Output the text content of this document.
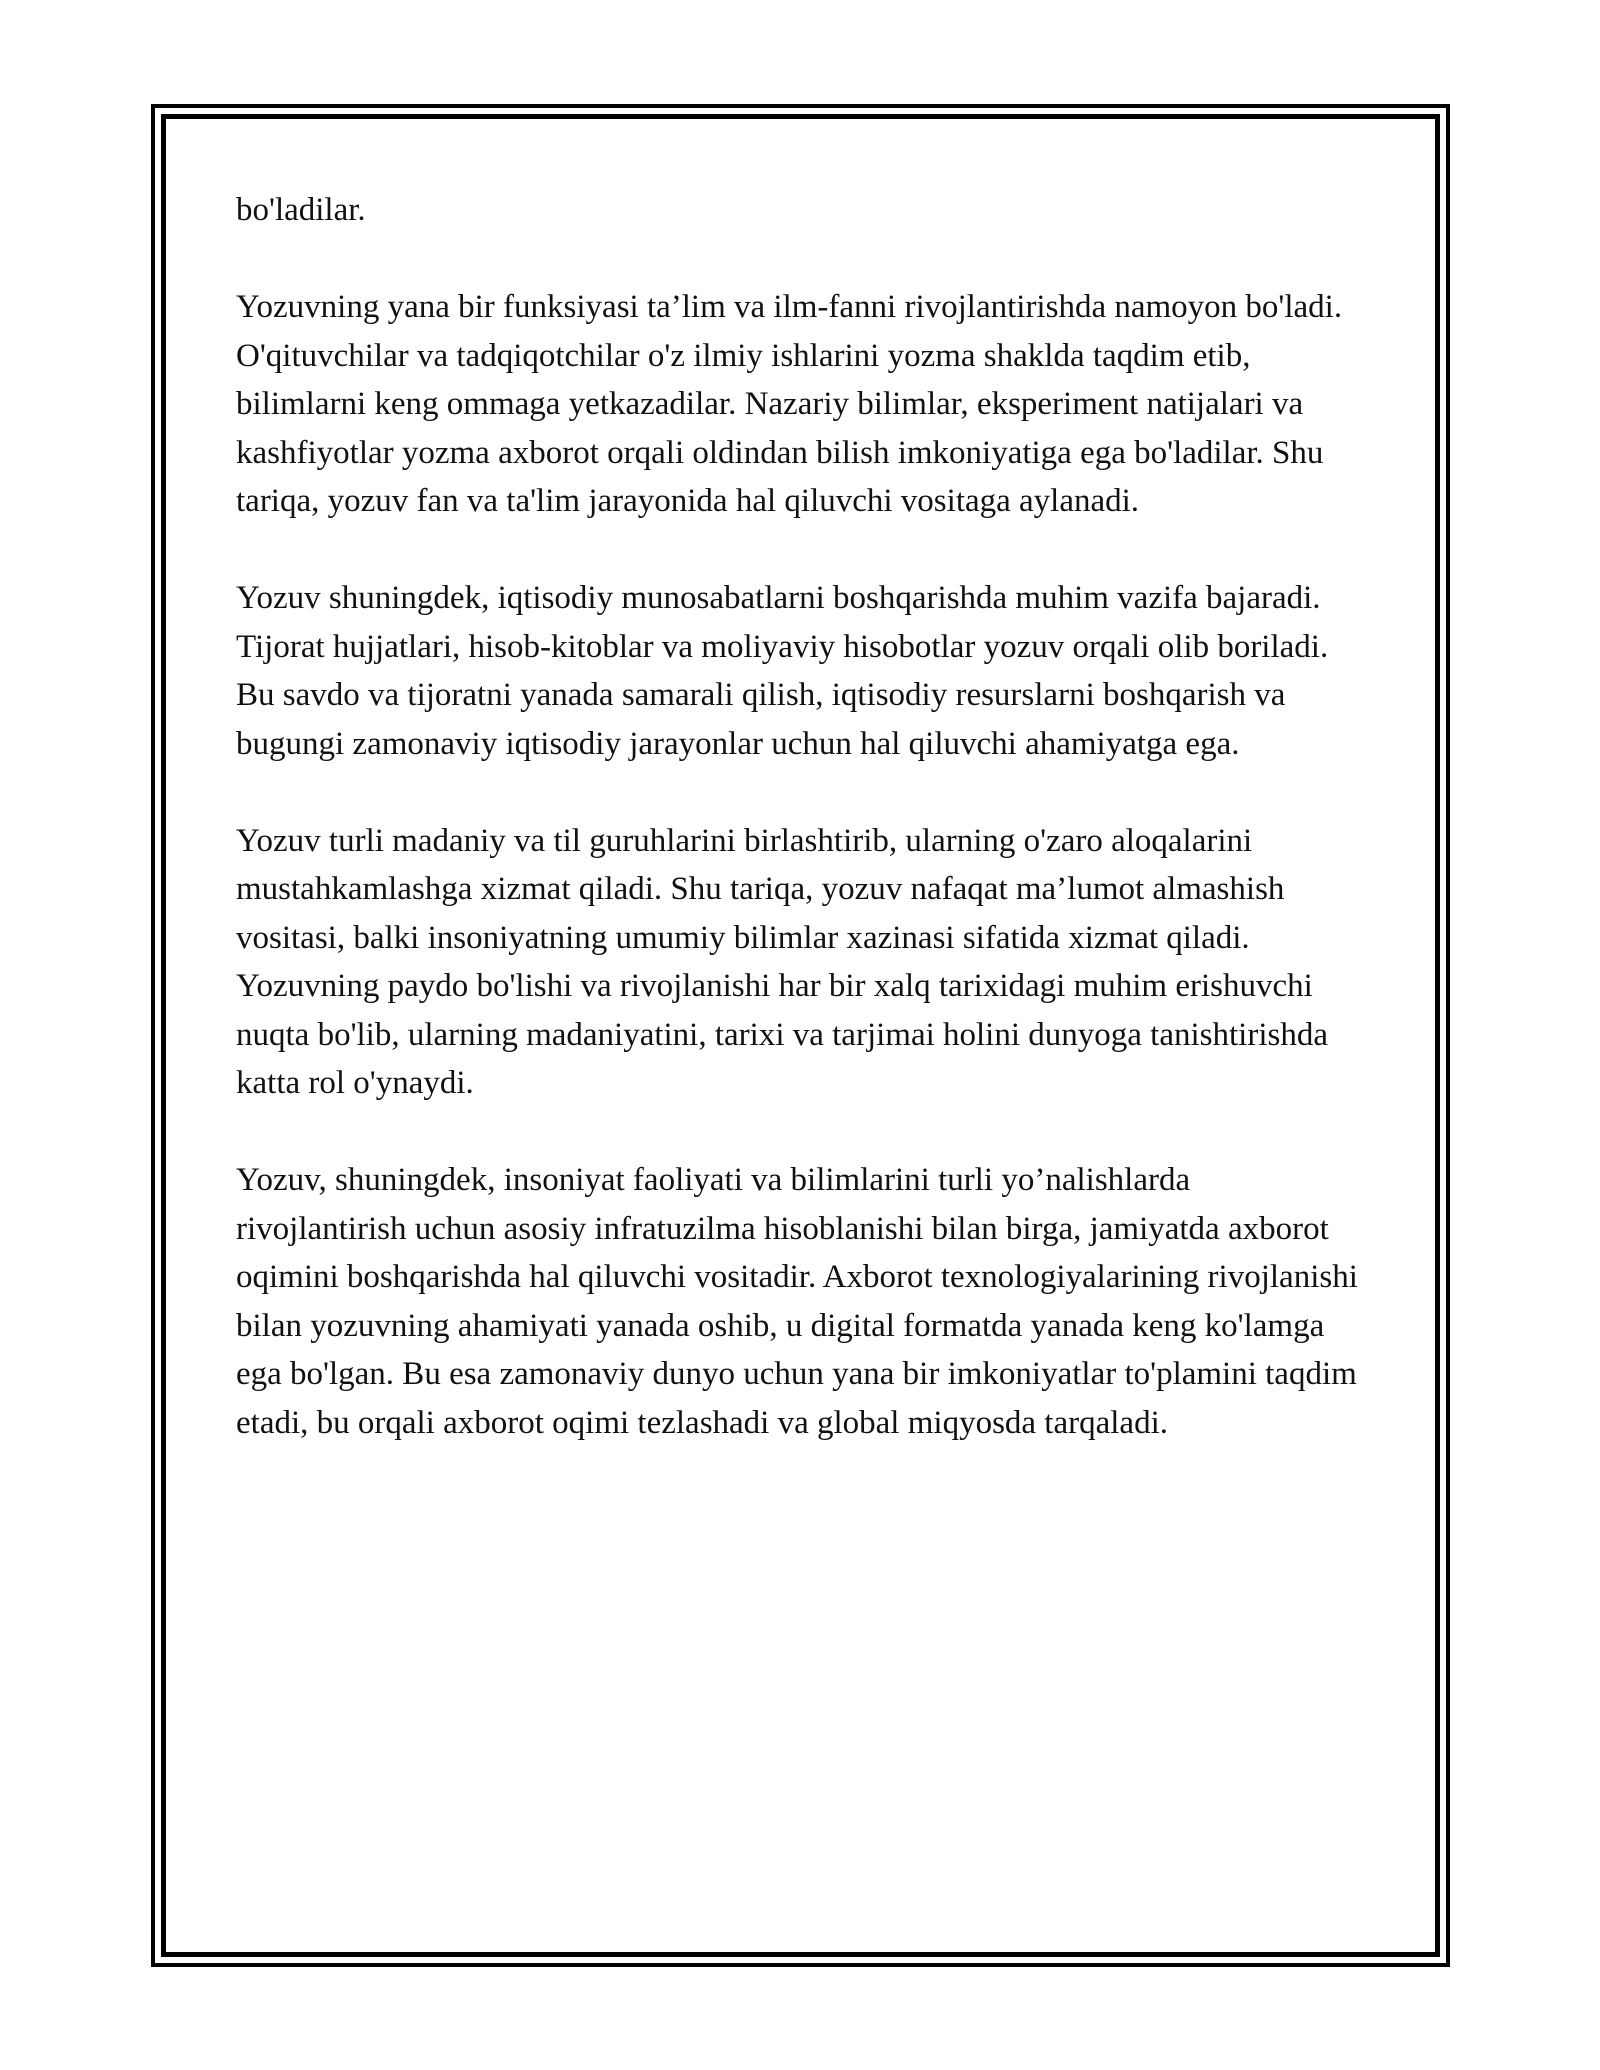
bo'ladilar.

Yozuvning yana bir funksiyasi ta’lim va ilm-fanni rivojlantirishda namoyon bo'ladi. O'qituvchilar va tadqiqotchilar o'z ilmiy ishlarini yozma shaklda taqdim etib, bilimlarni keng ommaga yetkazadilar. Nazariy bilimlar, eksperiment natijalari va kashfiyotlar yozma axborot orqali oldindan bilish imkoniyatiga ega bo'ladilar. Shu tariqa, yozuv fan va ta'lim jarayonida hal qiluvchi vositaga aylanadi.

Yozuv shuningdek, iqtisodiy munosabatlarni boshqarishda muhim vazifa bajaradi. Tijorat hujjatlari, hisob-kitoblar va moliyaviy hisobotlar yozuv orqali olib boriladi. Bu savdo va tijoratni yanada samarali qilish, iqtisodiy resurslarni boshqarish va bugungi zamonaviy iqtisodiy jarayonlar uchun hal qiluvchi ahamiyatga ega.

Yozuv turli madaniy va til guruhlarini birlashtirib, ularning o'zaro aloqalarini mustahkamlashga xizmat qiladi. Shu tariqa, yozuv nafaqat ma’lumot almashish vositasi, balki insoniyatning umumiy bilimlar xazinasi sifatida xizmat qiladi. Yozuvning paydo bo'lishi va rivojlanishi har bir xalq tarixidagi muhim erishuvchi nuqta bo'lib, ularning madaniyatini, tarixi va tarjimai holini dunyoga tanishtirishda katta rol o'ynaydi.

Yozuv, shuningdek, insoniyat faoliyati va bilimlarini turli yo’nalishlarda rivojlantirish uchun asosiy infratuzilma hisoblanishi bilan birga, jamiyatda axborot oqimini boshqarishda hal qiluvchi vositadir. Axborot texnologiyalarining rivojlanishi bilan yozuvning ahamiyati yanada oshib, u digital formatda yanada keng ko'lamga ega bo'lgan. Bu esa zamonaviy dunyo uchun yana bir imkoniyatlar to'plamini taqdim etadi, bu orqali axborot oqimi tezlashadi va global miqyosda tarqaladi.
